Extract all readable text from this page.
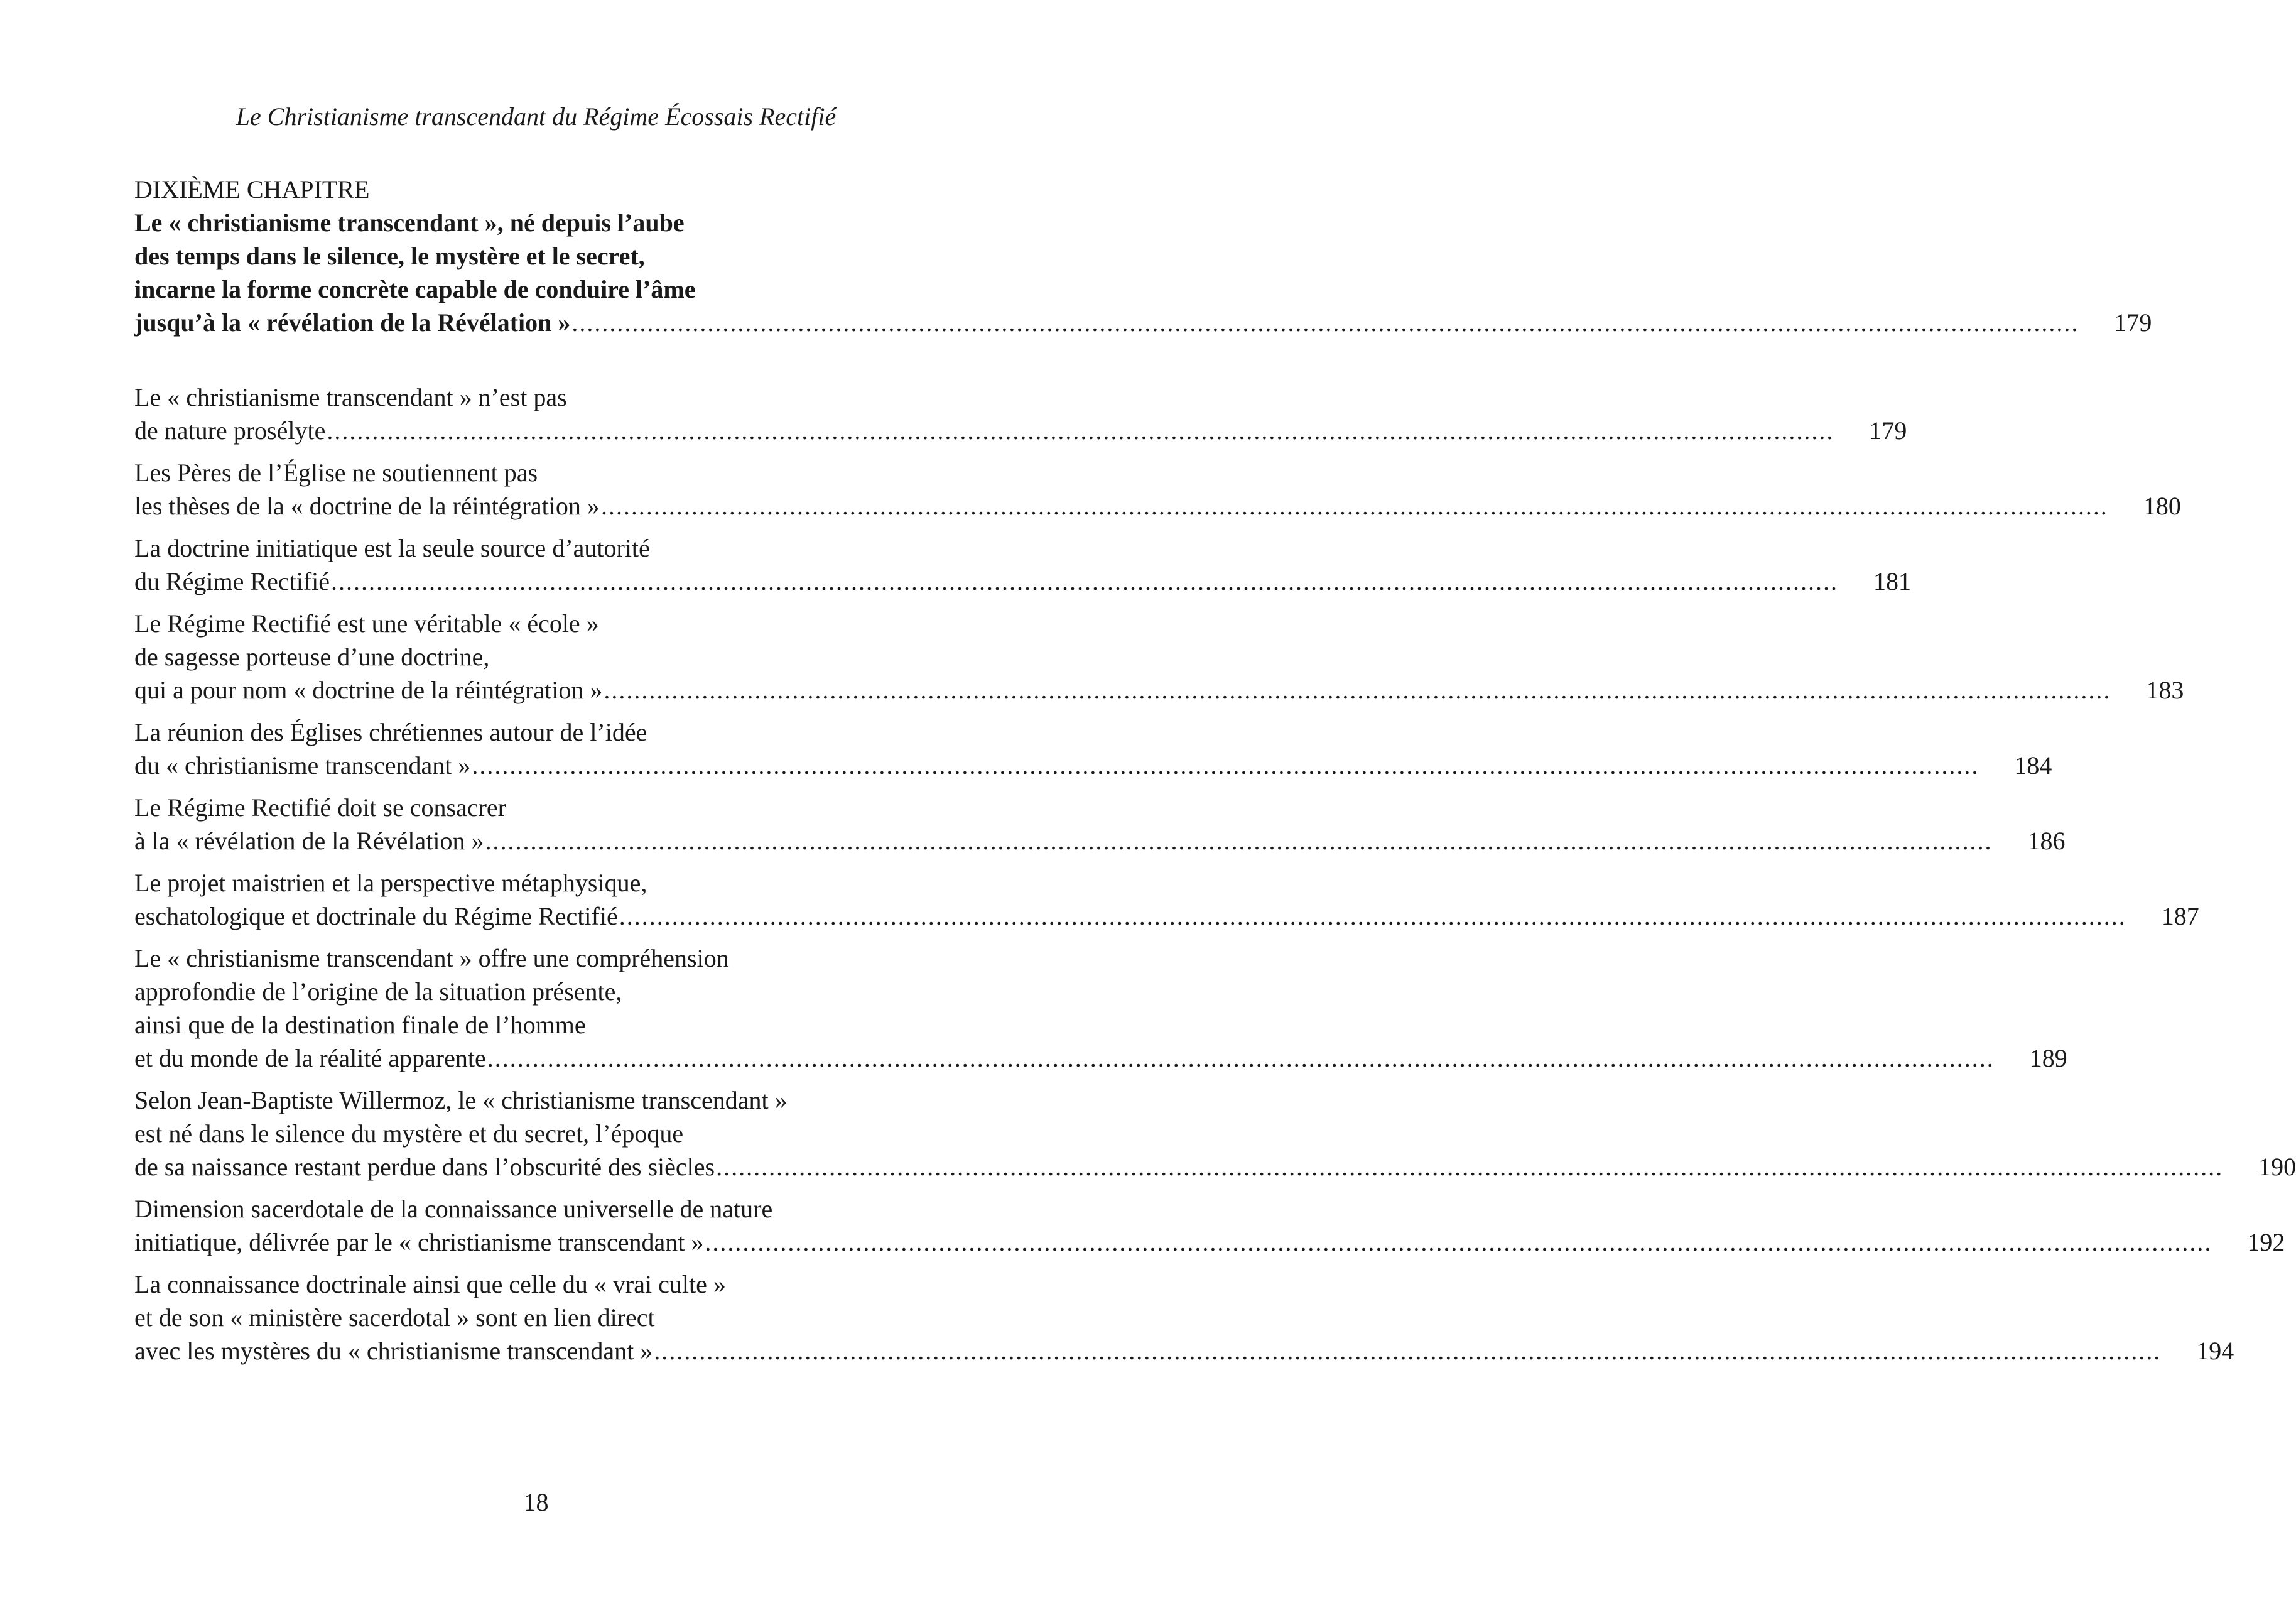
Le Christianisme transcendant du Régime Écossais Rectifié
DIXIÈME CHAPITRE
Le « christianisme transcendant », né depuis l’aube
des temps dans le silence, le mystère et le secret,
incarne la forme concrète capable de conduire l’âme
jusqu’à la « révélation de la Révélation » ........................................................................................................................................................................................................	179
Le « christianisme transcendant » n’est pas
de nature prosélyte ........................................................................................................................................................................................................	179
Les Pères de l’Église ne soutiennent pas
les thèses de la « doctrine de la réintégration » ........................................................................................................................................................................................................	180
La doctrine initiatique est la seule source d’autorité
du Régime Rectifié ........................................................................................................................................................................................................	181
Le Régime Rectifié est une véritable « école »
de sagesse porteuse d’une doctrine,
qui a pour nom « doctrine de la réintégration » ........................................................................................................................................................................................................	183
La réunion des Églises chrétiennes autour de l’idée
du « christianisme transcendant » ........................................................................................................................................................................................................	184
Le Régime Rectifié doit se consacrer
à la « révélation de la Révélation » ........................................................................................................................................................................................................	186
Le projet maistrien et la perspective métaphysique,
eschatologique et doctrinale du Régime Rectifié ........................................................................................................................................................................................................	187
Le « christianisme transcendant » offre une compréhension
approfondie de l’origine de la situation présente,
ainsi que de la destination finale de l’homme
et du monde de la réalité apparente ........................................................................................................................................................................................................	189
Selon Jean-Baptiste Willermoz, le « christianisme transcendant »
est né dans le silence du mystère et du secret, l’époque
de sa naissance restant perdue dans l’obscurité des siècles ........................................................................................................................................................................................................	190
Dimension sacerdotale de la connaissance universelle de nature
initiatique, délivrée par le « christianisme transcendant » ........................................................................................................................................................................................................	192
La connaissance doctrinale ainsi que celle du « vrai culte »
et de son « ministère sacerdotal » sont en lien direct
avec les mystères du « christianisme transcendant » ........................................................................................................................................................................................................	194
18
